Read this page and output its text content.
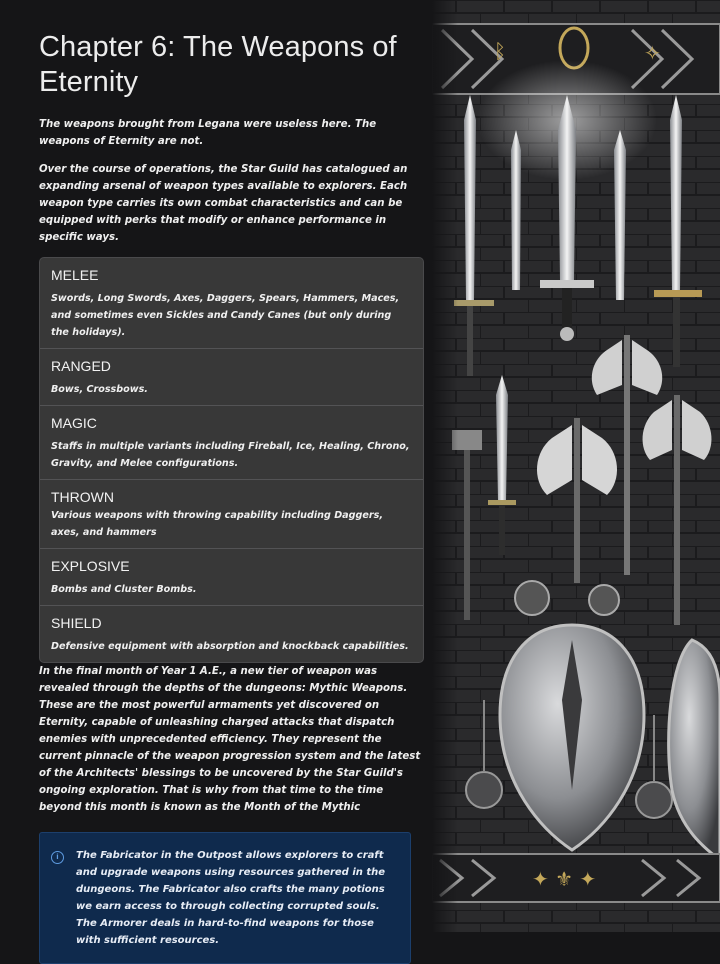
Chapter 6: The Weapons of Eternity

The weapons brought from Legana were useless here. The weapons of Eternity are not.

Over the course of operations, the Star Guild has catalogued an expanding arsenal of weapon types available to explorers. Each weapon type carries its own combat characteristics and can be equipped with perks that modify or enhance performance in specific ways.

MELEE
Swords, Long Swords, Axes, Daggers, Spears, Hammers, Maces, and sometimes even Sickles and Candy Canes (but only during the holidays).
RANGED
Bows, Crossbows.
MAGIC
Staffs in multiple variants including Fireball, Ice, Healing, Chrono, Gravity, and Melee configurations.
THROWN
Various weapons with throwing capability including Daggers, axes, and hammers
EXPLOSIVE
Bombs and Cluster Bombs.
SHIELD
Defensive equipment with absorption and knockback capabilities.

In the final month of Year 1 A.E., a new tier of weapon was revealed through the depths of the dungeons: Mythic Weapons. These are the most powerful armaments yet discovered on Eternity, capable of unleashing charged attacks that dispatch enemies with unprecedented efficiency. They represent the current pinnacle of the weapon progression system and the latest of the Architects' blessings to be uncovered by the Star Guild's ongoing exploration. That is why from that time to the time beyond this month is known as the Month of the Mythic

i	The Fabricator in the Outpost allows explorers to craft and upgrade weapons using resources gathered in the dungeons. The Fabricator also crafts the many potions we earn access to through collecting corrupted souls. The Armorer deals in hard-to-find weapons for those with sufficient resources.
